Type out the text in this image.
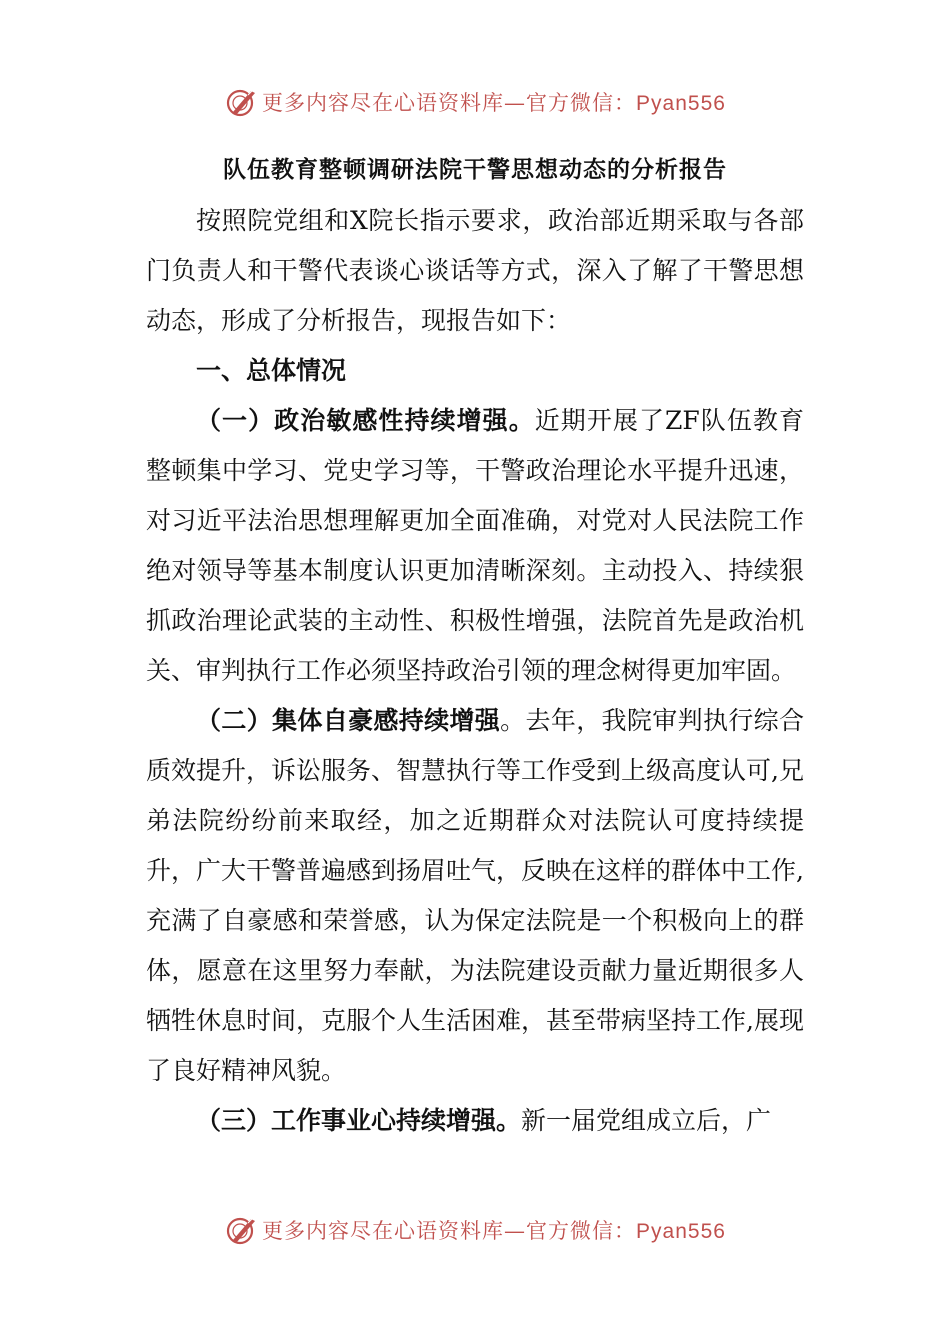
更多内容尽在心语资料库—官方微信：Pyan556
队伍教育整顿调研法院干警思想动态的分析报告

按照院党组和X院长指示要求，政治部近期采取与各部门负责人和干警代表谈心谈话等方式，深入了解了干警思想动态，形成了分析报告，现报告如下：

一、总体情况

（一）政治敏感性持续增强。近期开展了ZF队伍教育整顿集中学习、党史学习等，干警政治理论水平提升迅速，对习近平法治思想理解更加全面准确，对党对人民法院工作绝对领导等基本制度认识更加清晰深刻。主动投入、持续狠抓政治理论武装的主动性、积极性增强，法院首先是政治机关、审判执行工作必须坚持政治引领的理念树得更加牢固。

（二）集体自豪感持续增强。去年，我院审判执行综合质效提升，诉讼服务、智慧执行等工作受到上级高度认可,兄弟法院纷纷前来取经，加之近期群众对法院认可度持续提升，广大干警普遍感到扬眉吐气，反映在这样的群体中工作,充满了自豪感和荣誉感，认为保定法院是一个积极向上的群体，愿意在这里努力奉献，为法院建设贡献力量近期很多人牺牲休息时间，克服个人生活困难，甚至带病坚持工作,展现了良好精神风貌。

（三）工作事业心持续增强。新一届党组成立后，广

更多内容尽在心语资料库—官方微信：Pyan556
